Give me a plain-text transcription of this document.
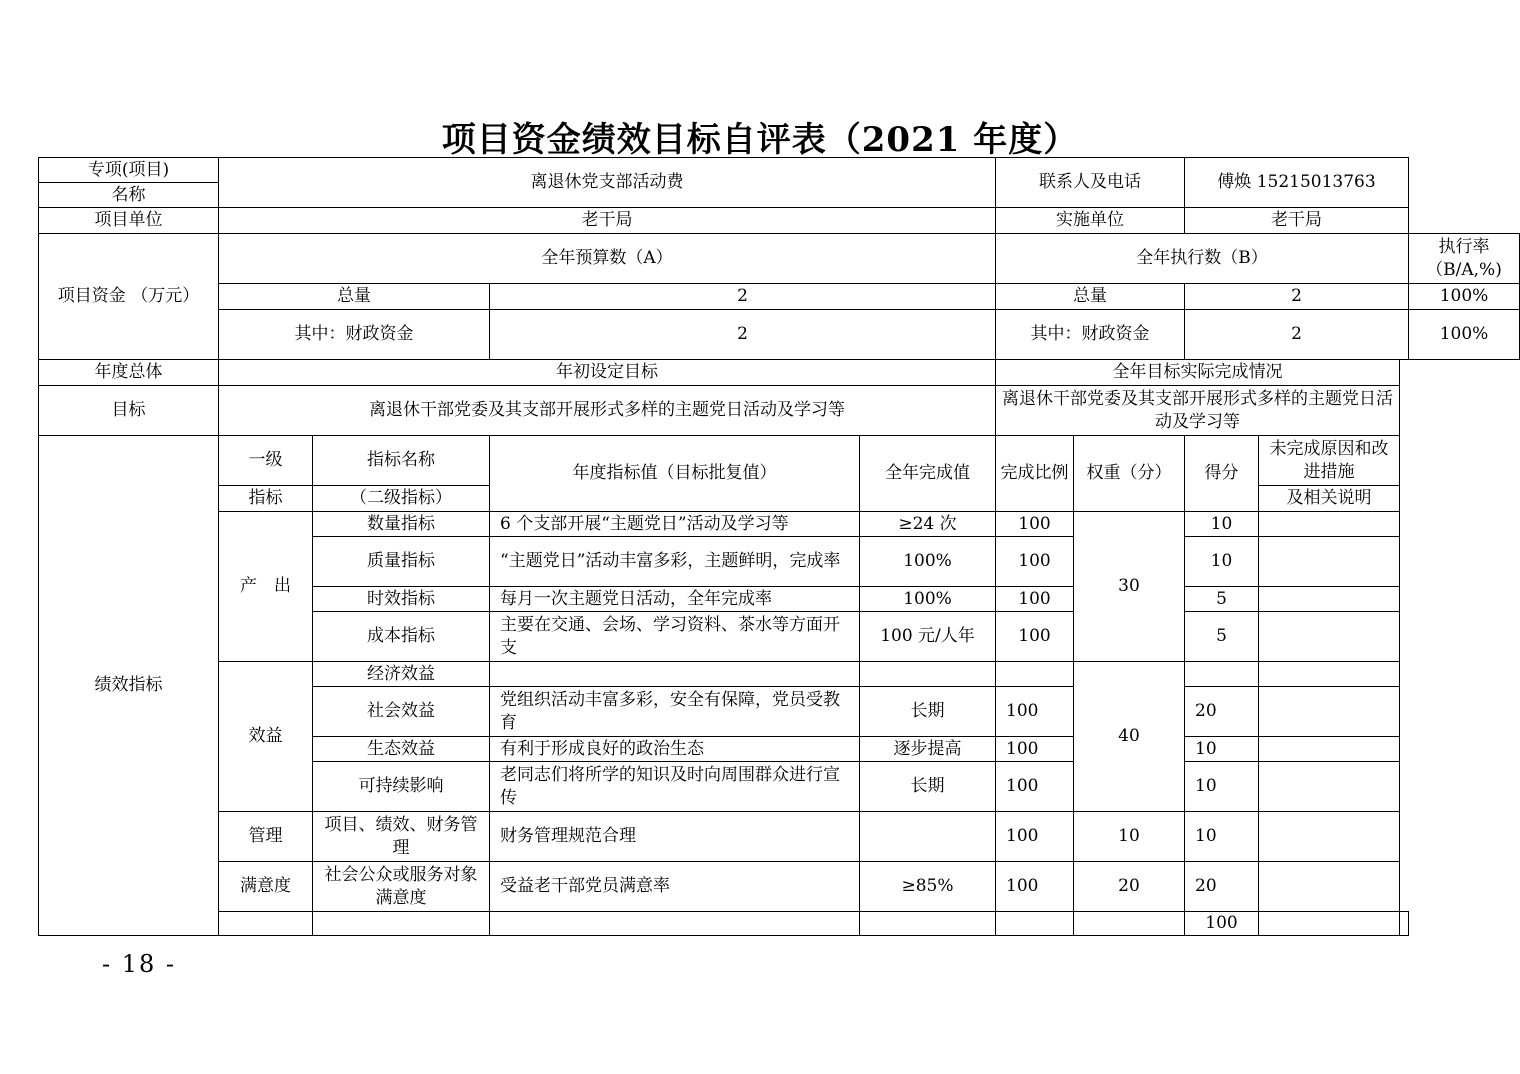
项目资金绩效目标自评表（2021 年度）
专项(项目)	离退休党支部活动费				联系人及电话		傅焕 15215013763			
名称										
项目单位	老干局				实施单位		老干局			
项目资金 （万元）	全年预算数（A）				全年执行数（B）					执行率（B/A,%)
	总量		2		总量		2			100%
	其中：财政资金		2		其中：财政资金		2			100%
年度总体	年初设定目标				全年目标实际完成情况					
目标	离退休干部党委及其支部开展形式多样的主题党日活动及学习等				离退休干部党委及其支部开展形式多样的主题党日活动及学习等					
绩效指标	一级	指标名称	年度指标值（目标批复值）	全年完成值	完成比例	权重（分）	得分	未完成原因和改进措施		
	指标	（二级指标）						及相关说明		
	产　出	数量指标	6 个支部开展“主题党日”活动及学习等	≥24 次	100	30	10			
		质量指标	“主题党日”活动丰富多彩，主题鲜明，完成率	100%	100		10			
		时效指标	每月一次主题党日活动，全年完成率	100%	100		5			
		成本指标	主要在交通、会场、学习资料、茶水等方面开支	100 元/人年	100		5			
	效益	经济效益				40				
		社会效益	党组织活动丰富多彩，安全有保障，党员受教育	长期	100		20			
		生态效益	有利于形成良好的政治生态	逐步提高	100		10			
		可持续影响	老同志们将所学的知识及时向周围群众进行宣传	长期	100		10			
	管理	项目、绩效、财务管理	财务管理规范合理		100	10	10			
	满意度	社会公众或服务对象满意度	受益老干部党员满意率	≥85%	100	20	20			
							100			
- 18 -
